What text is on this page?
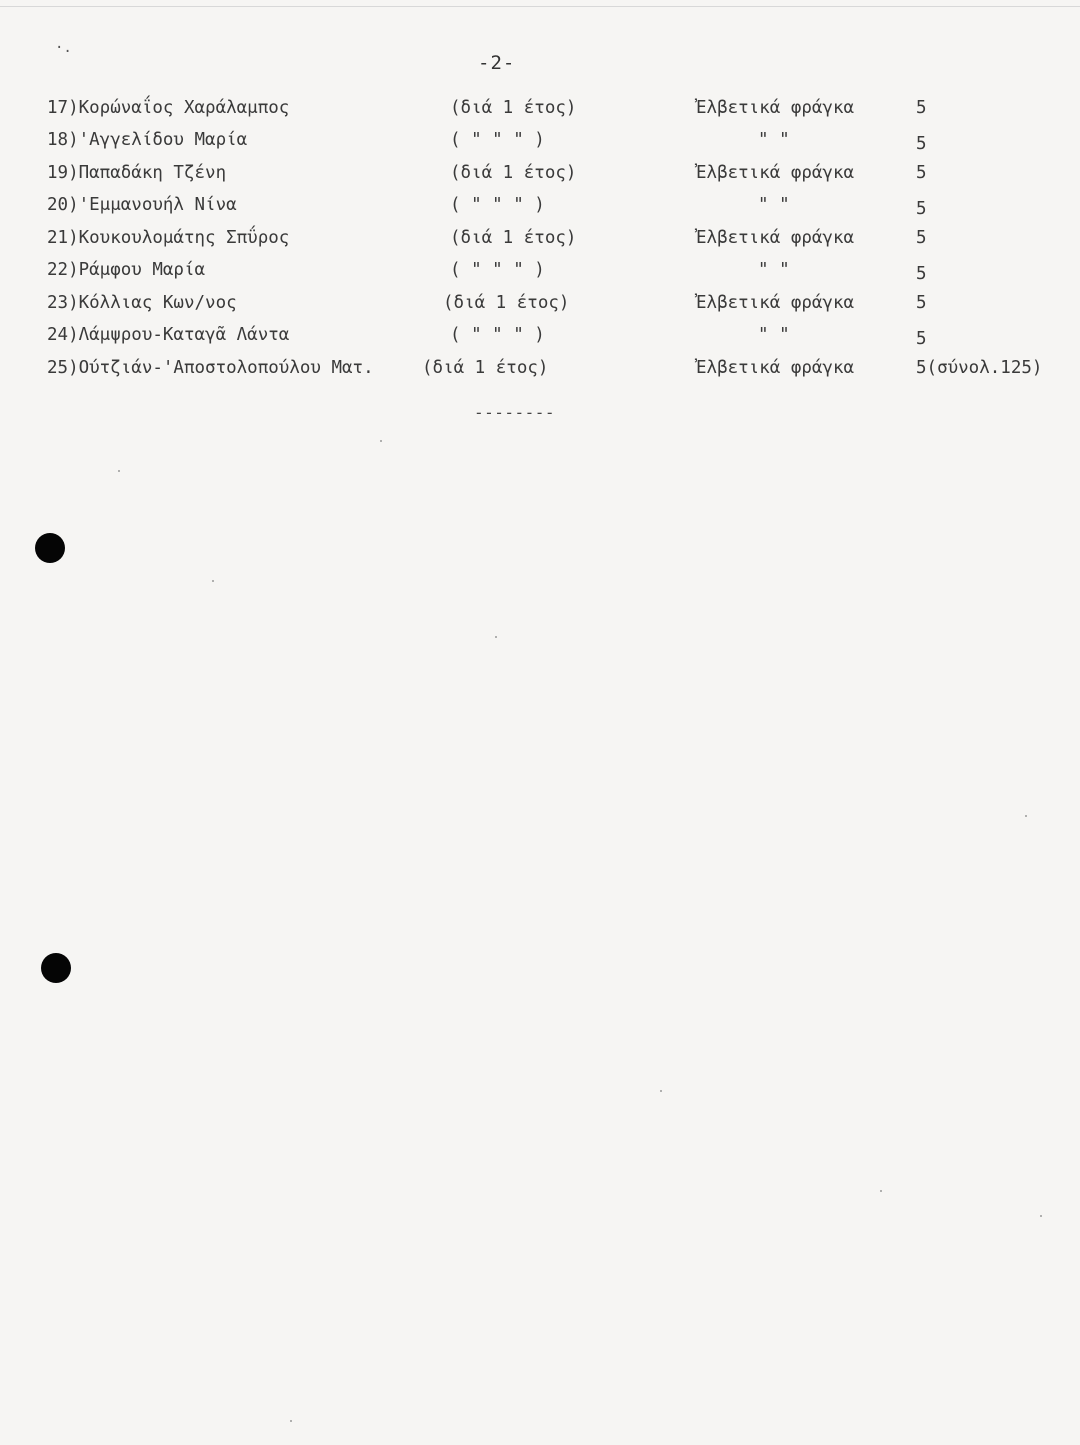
·.
-2-
17)Κορώναΐος Χαράλαμπος	(διά 1 έτος)	Ἐλβετικά φράγκα	5
18)'Αγγελίδου Μαρία	( " " " )	" "	5
19)Παπαδάκη Τζένη	(διά 1 έτος)	Ἐλβετικά φράγκα	5
20)'Εμμανουήλ Νίνα	( " " " )	" "	5
21)Κουκουλομάτης Σπΰρος	(διά 1 έτος)	Ἐλβετικά φράγκα	5
22)Ράμφου Μαρία	( " " " )	" "	5
23)Κόλλιας Κων/νος	(διά 1 έτος)	Ἐλβετικά φράγκα	5
24)Λάμψρου-Καταγᾶ Λάντα	( " " " )	" "	5
25)Ούτζιάν-'Αποστολοπούλου Ματ.	(διά 1 έτος)	Ἐλβετικά φράγκα	5(σύνολ.125)
--------
